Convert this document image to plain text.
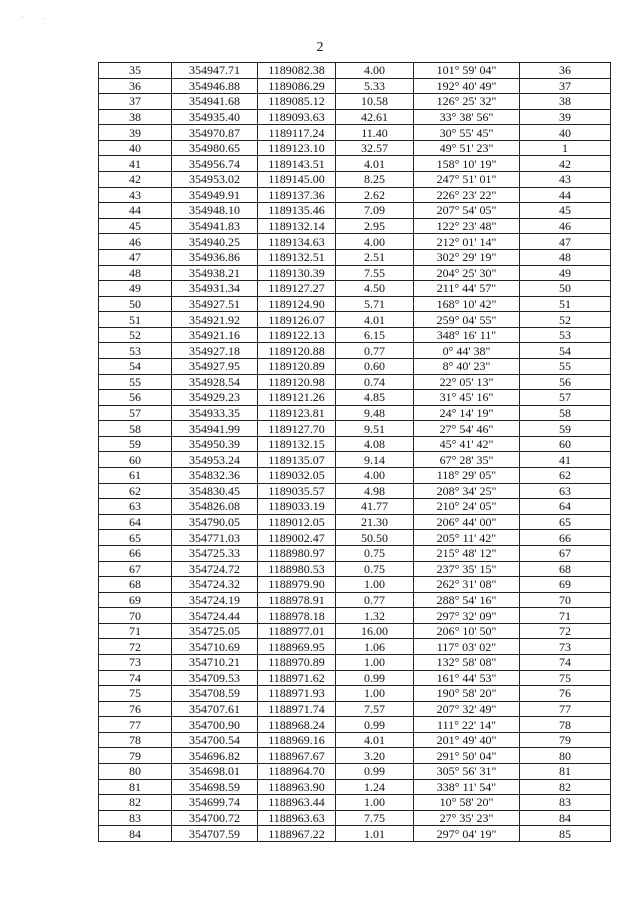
' ·
2
35	354947.71	1189082.38	4.00	101° 59' 04"	36
36	354946.88	1189086.29	5.33	192° 40' 49"	37
37	354941.68	1189085.12	10.58	126° 25' 32"	38
38	354935.40	1189093.63	42.61	33° 38' 56"	39
39	354970.87	1189117.24	11.40	30° 55' 45"	40
40	354980.65	1189123.10	32.57	49° 51' 23"	1
41	354956.74	1189143.51	4.01	158° 10' 19"	42
42	354953.02	1189145.00	8.25	247° 51' 01"	43
43	354949.91	1189137.36	2.62	226° 23' 22"	44
44	354948.10	1189135.46	7.09	207° 54' 05"	45
45	354941.83	1189132.14	2.95	122° 23' 48"	46
46	354940.25	1189134.63	4.00	212° 01' 14"	47
47	354936.86	1189132.51	2.51	302° 29' 19"	48
48	354938.21	1189130.39	7.55	204° 25' 30"	49
49	354931.34	1189127.27	4.50	211° 44' 57"	50
50	354927.51	1189124.90	5.71	168° 10' 42"	51
51	354921.92	1189126.07	4.01	259° 04' 55"	52
52	354921.16	1189122.13	6.15	348° 16' 11"	53
53	354927.18	1189120.88	0.77	0° 44' 38"	54
54	354927.95	1189120.89	0.60	8° 40' 23"	55
55	354928.54	1189120.98	0.74	22° 05' 13"	56
56	354929.23	1189121.26	4.85	31° 45' 16"	57
57	354933.35	1189123.81	9.48	24° 14' 19"	58
58	354941.99	1189127.70	9.51	27° 54' 46"	59
59	354950.39	1189132.15	4.08	45° 41' 42"	60
60	354953.24	1189135.07	9.14	67° 28' 35"	41
61	354832.36	1189032.05	4.00	118° 29' 05"	62
62	354830.45	1189035.57	4.98	208° 34' 25"	63
63	354826.08	1189033.19	41.77	210° 24' 05"	64
64	354790.05	1189012.05	21.30	206° 44' 00"	65
65	354771.03	1189002.47	50.50	205° 11' 42"	66
66	354725.33	1188980.97	0.75	215° 48' 12"	67
67	354724.72	1188980.53	0.75	237° 35' 15"	68
68	354724.32	1188979.90	1.00	262° 31' 08"	69
69	354724.19	1188978.91	0.77	288° 54' 16"	70
70	354724.44	1188978.18	1.32	297° 32' 09"	71
71	354725.05	1188977.01	16.00	206° 10' 50"	72
72	354710.69	1188969.95	1.06	117° 03' 02"	73
73	354710.21	1188970.89	1.00	132° 58' 08"	74
74	354709.53	1188971.62	0.99	161° 44' 53"	75
75	354708.59	1188971.93	1.00	190° 58' 20"	76
76	354707.61	1188971.74	7.57	207° 32' 49"	77
77	354700.90	1188968.24	0.99	111° 22' 14"	78
78	354700.54	1188969.16	4.01	201° 49' 40"	79
79	354696.82	1188967.67	3.20	291° 50' 04"	80
80	354698.01	1188964.70	0.99	305° 56' 31"	81
81	354698.59	1188963.90	1.24	338° 11' 54"	82
82	354699.74	1188963.44	1.00	10° 58' 20"	83
83	354700.72	1188963.63	7.75	27° 35' 23"	84
84	354707.59	1188967.22	1.01	297° 04' 19"	85
